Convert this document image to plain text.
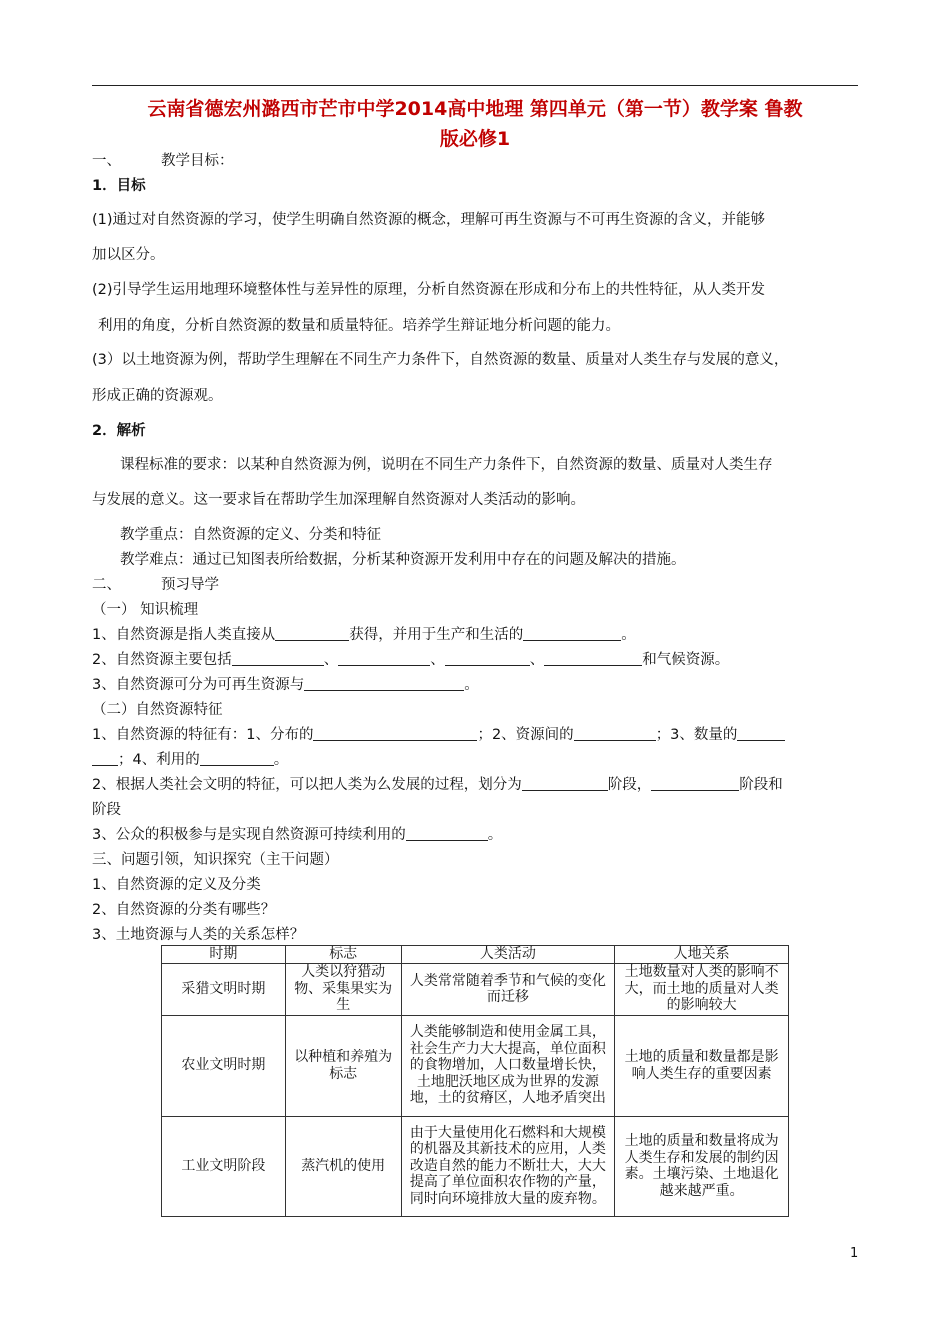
云南省德宏州潞西市芒市中学2014高中地理 第四单元（第一节）教学案 鲁教
版必修1
一、	教学目标：
1．目标
(1)通过对自然资源的学习，使学生明确自然资源的概念，理解可再生资源与不可再生资源的含义，并能够
加以区分。
(2)引导学生运用地理环境整体性与差异性的原理，分析自然资源在形成和分布上的共性特征，从人类开发
利用的角度，分析自然资源的数量和质量特征。培养学生辩证地分析问题的能力。
(3）以土地资源为例，帮助学生理解在不同生产力条件下，自然资源的数量、质量对人类生存与发展的意义，
形成正确的资源观。
2．解析
课程标准的要求：以某种自然资源为例，说明在不同生产力条件下，自然资源的数量、质量对人类生存
与发展的意义。这一要求旨在帮助学生加深理解自然资源对人类活动的影响。
教学重点：自然资源的定义、分类和特征
教学难点：通过已知图表所给数据，分析某种资源开发利用中存在的问题及解决的措施。
二、	预习导学
（一） 知识梳理
1、自然资源是指人类直接从	获得，并用于生产和生活的	。
2、自然资源主要包括	、	、	、	和气候资源。
3、自然资源可分为可再生资源与	。
（二）自然资源特征
1、自然资源的特征有：1、分布的	；2、资源间的	；3、数量的
；4、利用的	。
2、根据人类社会文明的特征，可以把人类为么发展的过程，划分为	阶段，	阶段和
阶段
3、公众的积极参与是实现自然资源可持续利用的	。
三、问题引领，知识探究（主干问题）
1、自然资源的定义及分类
2、自然资源的分类有哪些？
3、土地资源与人类的关系怎样？
时期	标志	人类活动	人地关系
采猎文明时期	人类以狩猎动物、采集果实为生	人类常常随着季节和气候的变化而迁移	土地数量对人类的影响不大，而土地的质量对人类的影响较大
农业文明时期	以种植和养殖为标志	人类能够制造和使用金属工具，社会生产力大大提高，单位面积的食物增加，人口数量增长快，土地肥沃地区成为世界的发源地，土的贫瘠区，人地矛盾突出	土地的质量和数量都是影响人类生存的重要因素
工业文明阶段	蒸汽机的使用	由于大量使用化石燃料和大规模的机器及其新技术的应用，人类改造自然的能力不断壮大，大大提高了单位面积农作物的产量，同时向环境排放大量的废弃物。	土地的质量和数量将成为人类生存和发展的制约因素。土壤污染、土地退化越来越严重。
1
